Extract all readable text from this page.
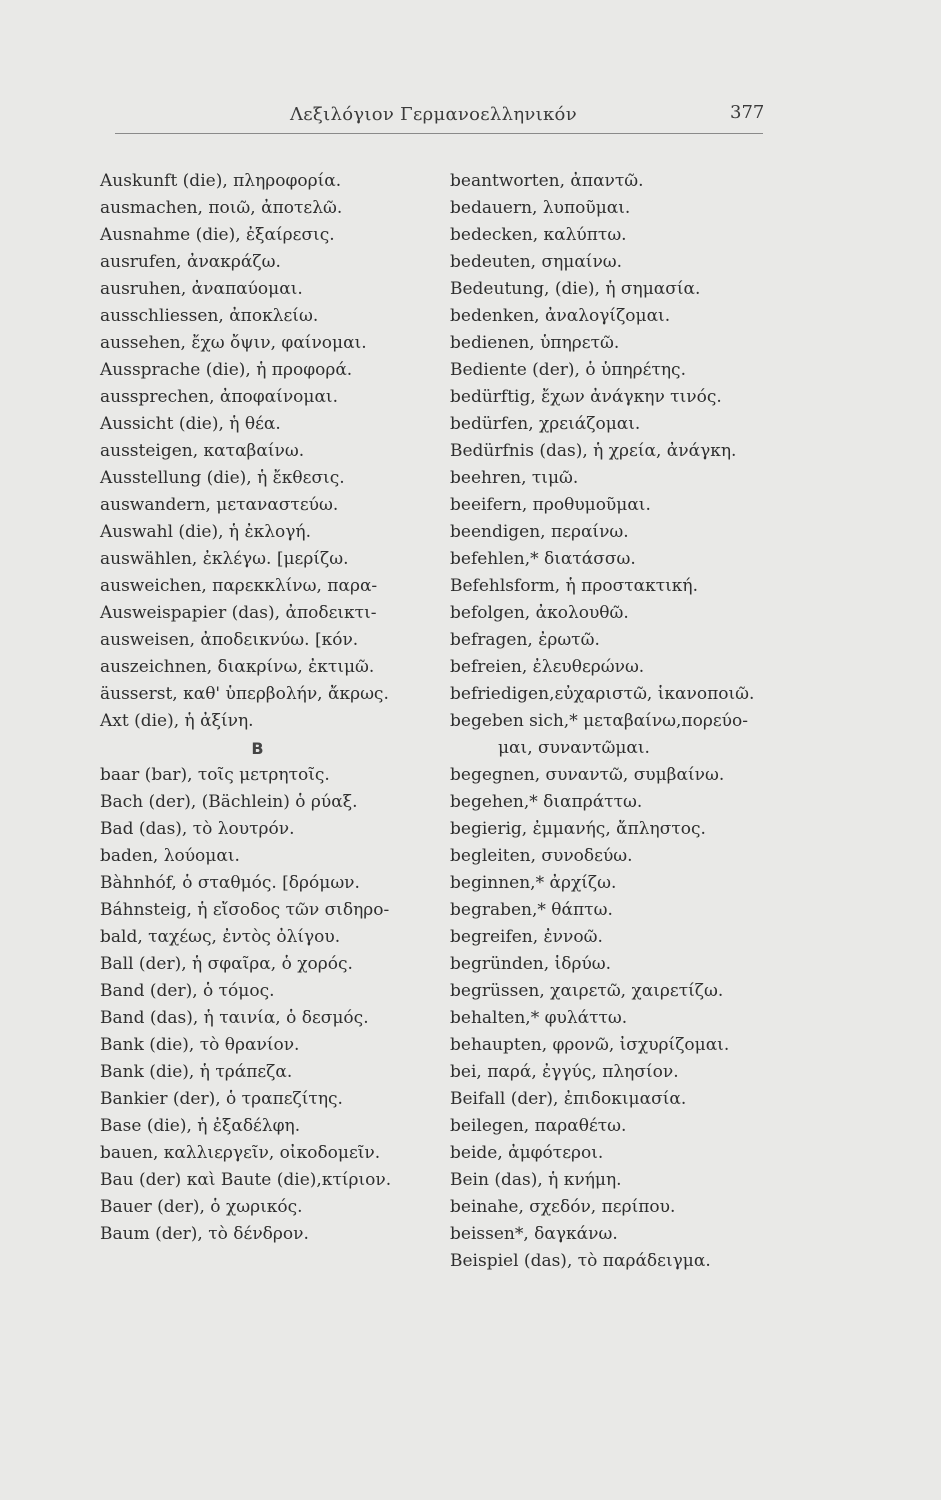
Λεξιλόγιον Γερμανοελληνικόν	377
Auskunft (die), πληροφορία.
ausmachen, ποιῶ, ἀποτελῶ.
Ausnahme (die), ἐξαίρεσις.
ausrufen, ἀνακράζω.
ausruhen, ἀναπαύομαι.
ausschliessen, ἀποκλείω.
aussehen, ἔχω ὄψιν, φαίνομαι.
Aussprache (die), ἡ προφορά.
aussprechen, ἀποφαίνομαι.
Aussicht (die), ἡ θέα.
aussteigen, καταβαίνω.
Ausstellung (die), ἡ ἔκθεσις.
auswandern, μεταναστεύω.
Auswahl (die), ἡ ἐκλογή.
auswählen, ἐκλέγω. [μερίζω.
ausweichen, παρεκκλίνω, παρα-
Ausweispapier (das), ἀποδεικτι-
ausweisen, ἀποδεικνύω. [κόν.
auszeichnen, διακρίνω, ἐκτιμῶ.
äusserst, καθ' ὑπερβολήν, ἄκρως.
Axt (die), ἡ ἀξίνη.
B
baar (bar), τοῖς μετρητοῖς.
Bach (der), (Bächlein) ὁ ρύαξ.
Bad (das), τὸ λουτρόν.
baden, λούομαι.
Bàhnhóf, ὁ σταθμός. [δρόμων.
Báhnsteig, ἡ εἴσοδος τῶν σιδηρο-
bald, ταχέως, ἐντὸς ὀλίγου.
Ball (der), ἡ σφαῖρα, ὁ χορός.
Band (der), ὁ τόμος.
Band (das), ἡ ταινία, ὁ δεσμός.
Bank (die), τὸ θρανίον.
Bank (die), ἡ τράπεζα.
Bankier (der), ὁ τραπεζίτης.
Base (die), ἡ ἐξαδέλφη.
bauen, καλλιεργεῖν, οἰκοδομεῖν.
Bau (der) καὶ Baute (die),κτίριον.
Bauer (der), ὁ χωρικός.
Baum (der), τὸ δένδρον.
beantworten, ἀπαντῶ.
bedauern, λυποῦμαι.
bedecken, καλύπτω.
bedeuten, σημαίνω.
Bedeutung, (die), ἡ σημασία.
bedenken, ἀναλογίζομαι.
bedienen, ὑπηρετῶ.
Bediente (der), ὁ ὑπηρέτης.
bedürftig, ἔχων ἀνάγκην τινός.
bedürfen, χρειάζομαι.
Bedürfnis (das), ἡ χρεία, ἀνάγκη.
beehren, τιμῶ.
beeifern, προθυμοῦμαι.
beendigen, περαίνω.
befehlen,* διατάσσω.
Befehlsform, ἡ προστακτική.
befolgen, ἀκολουθῶ.
befragen, ἐρωτῶ.
befreien, ἐλευθερώνω.
befriedigen,εὐχαριστῶ, ἱκανοποιῶ.
begeben sich,* μεταβαίνω,πορεύο-
μαι, συναντῶμαι.
begegnen, συναντῶ, συμβαίνω.
begehen,* διαπράττω.
begierig, ἐμμανής, ἄπληστος.
begleiten, συνοδεύω.
beginnen,* ἀρχίζω.
begraben,* θάπτω.
begreifen, ἐννοῶ.
begründen, ἱδρύω.
begrüssen, χαιρετῶ, χαιρετίζω.
behalten,* φυλάττω.
behaupten, φρονῶ, ἰσχυρίζομαι.
bei, παρά, ἐγγύς, πλησίον.
Beifall (der), ἐπιδοκιμασία.
beilegen, παραθέτω.
beide, ἀμφότεροι.
Bein (das), ἡ κνήμη.
beinahe, σχεδόν, περίπου.
beissen*, δαγκάνω.
Beispiel (das), τὸ παράδειγμα.
